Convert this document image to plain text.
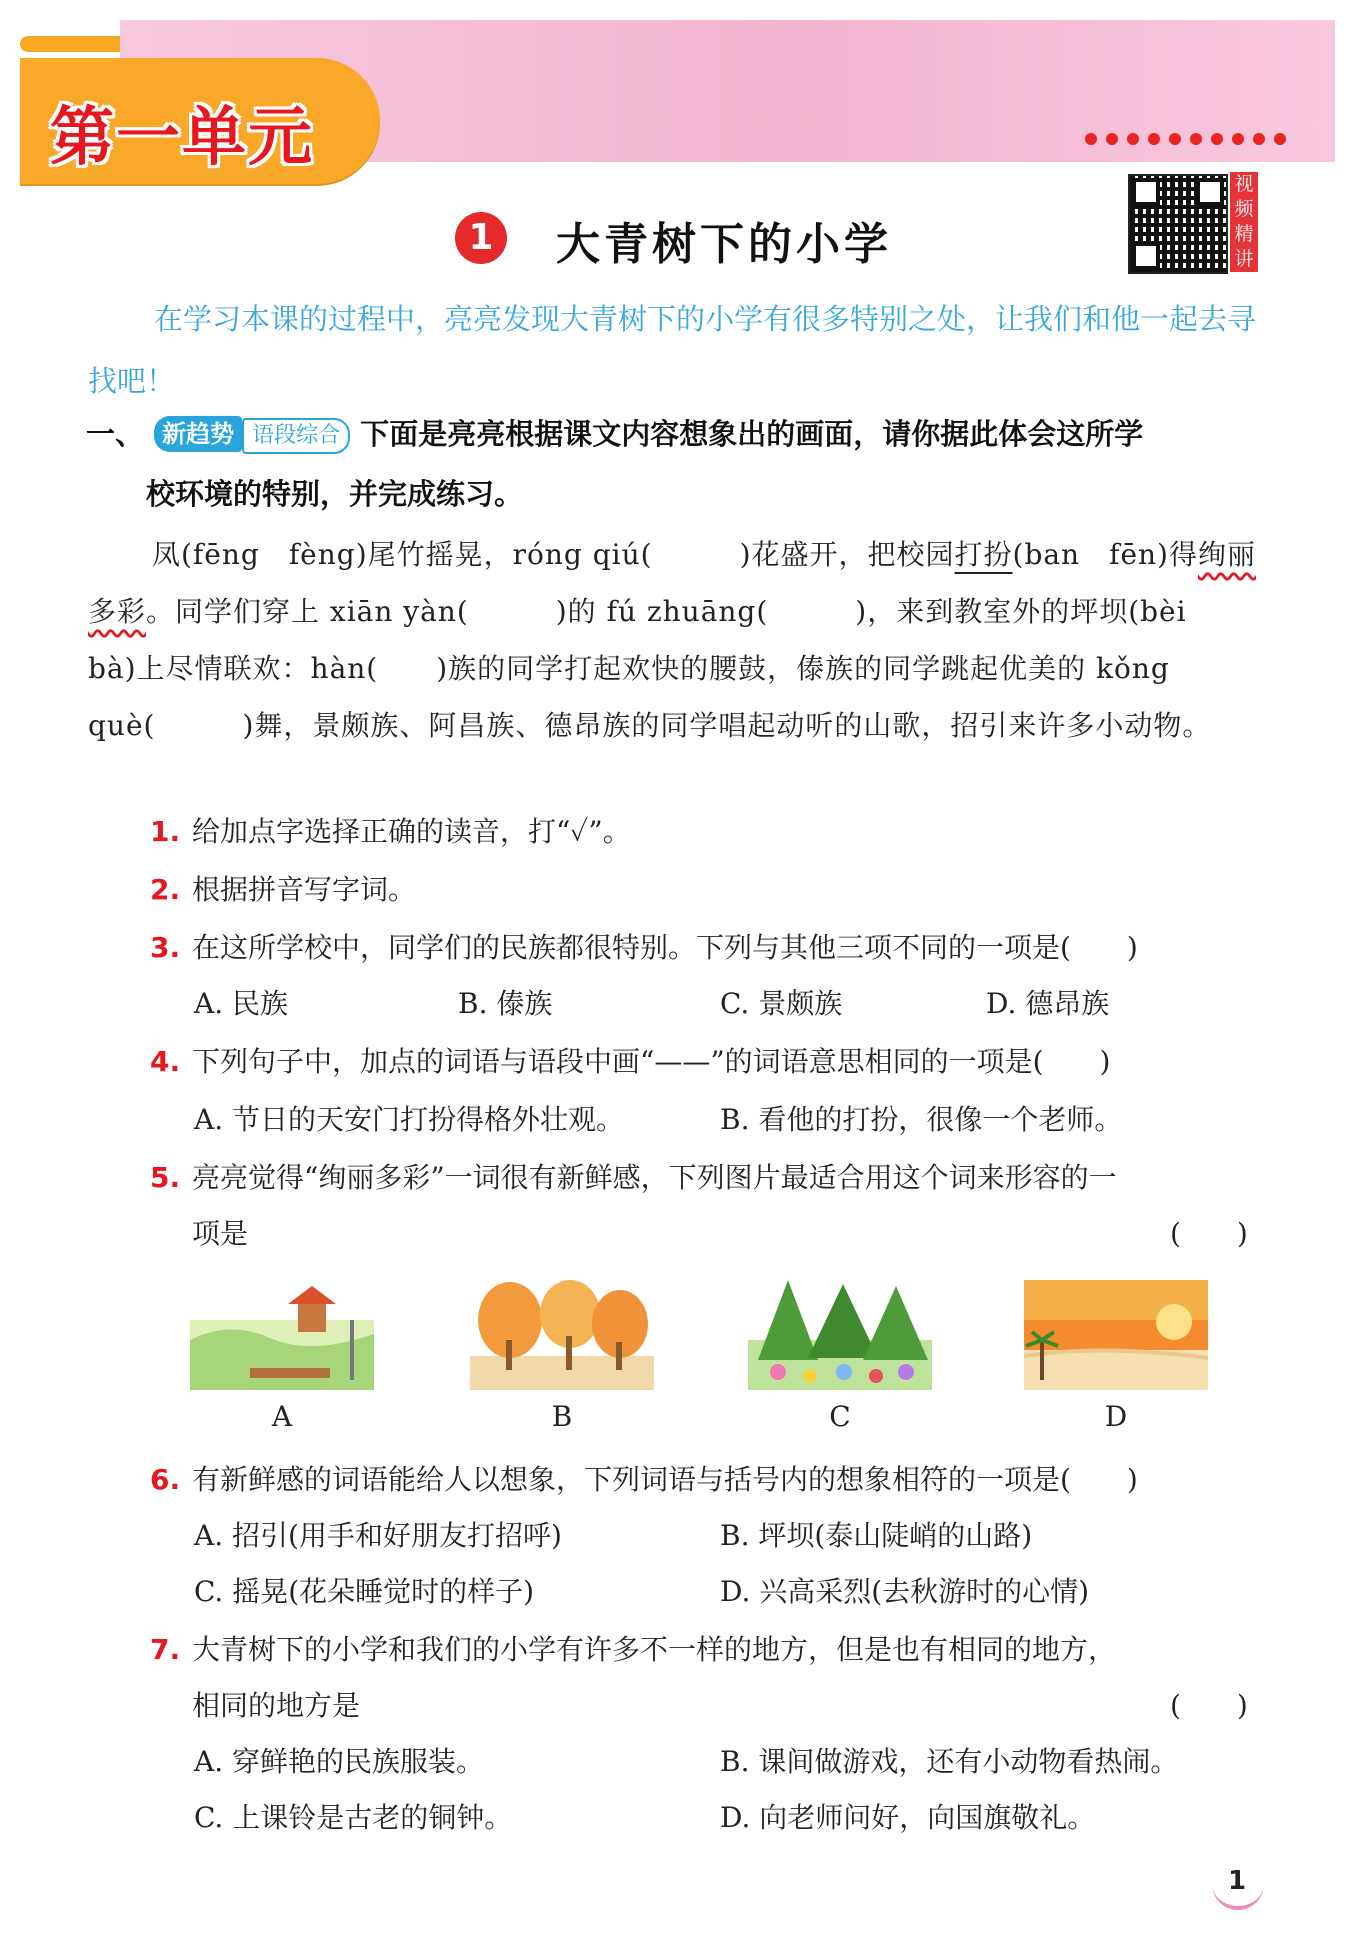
第一单元
视频精讲
1	大青树下的小学
在学习本课的过程中，亮亮发现大青树下的小学有很多特别之处，让我们和他一起去寻找吧！
一、 新趋势 语段综合 下面是亮亮根据课文内容想象出的画面，请你据此体会这所学
校环境的特别，并完成练习。
凤(fēng　fèng)尾竹摇晃，róng qiú(　　　)花盛开，把校园打扮(ban　fēn)得绚丽多彩。同学们穿上 xiān yàn(　　　)的 fú zhuāng(　　　)，来到教室外的坪坝(bèi　bà)上尽情联欢：hàn(　　)族的同学打起欢快的腰鼓，傣族的同学跳起优美的 kǒng què(　　　)舞，景颇族、阿昌族、德昂族的同学唱起动听的山歌，招引来许多小动物。
1. 给加点字选择正确的读音，打“✓”。
2. 根据拼音写字词。
3. 在这所学校中，同学们的民族都很特别。下列与其他三项不同的一项是(　　)
A. 民族	B. 傣族	C. 景颇族	D. 德昂族
4. 下列句子中，加点的词语与语段中画“——”的词语意思相同的一项是(　　)
A. 节日的天安门打扮得格外壮观。	B. 看他的打扮，很像一个老师。
5. 亮亮觉得“绚丽多彩”一词很有新鲜感，下列图片最适合用这个词来形容的一
项是	(　　)
A	B	C	D
6. 有新鲜感的词语能给人以想象，下列词语与括号内的想象相符的一项是(　　)
A. 招引(用手和好朋友打招呼)	B. 坪坝(泰山陡峭的山路)
C. 摇晃(花朵睡觉时的样子)	D. 兴高采烈(去秋游时的心情)
7. 大青树下的小学和我们的小学有许多不一样的地方，但是也有相同的地方，
相同的地方是	(　　)
A. 穿鲜艳的民族服装。	B. 课间做游戏，还有小动物看热闹。
C. 上课铃是古老的铜钟。	D. 向老师问好，向国旗敬礼。
1
